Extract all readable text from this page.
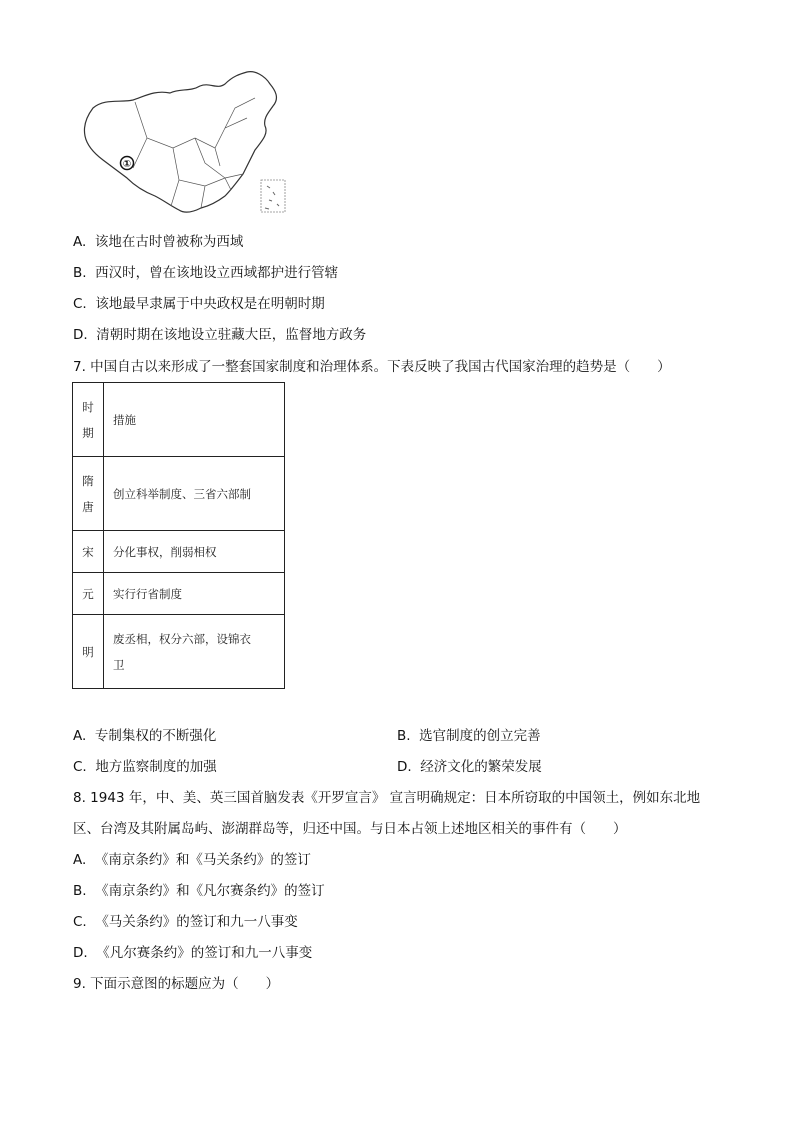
①
A. 该地在古时曾被称为西域
B. 西汉时，曾在该地设立西域都护进行管辖
C. 该地最早隶属于中央政权是在明朝时期
D. 清朝时期在该地设立驻藏大臣，监督地方政务
7. 中国自古以来形成了一整套国家制度和治理体系。下表反映了我国古代国家治理的趋势是（　　）
时
期	措施

隋
唐	创立科举制度、三省六部制
宋	分化事权，削弱相权
元	实行行省制度
明	废丞相，权分六部，设锦衣
卫
A. 专制集权的不断强化	B. 选官制度的创立完善
C. 地方监察制度的加强	D. 经济文化的繁荣发展
8. 1943 年，中、美、英三国首脑发表《开罗宣言》 宣言明确规定：日本所窃取的中国领土，例如东北地
区、台湾及其附属岛屿、澎湖群岛等，归还中国。与日本占领上述地区相关的事件有（　　）
A. 《南京条约》和《马关条约》的签订
B. 《南京条约》和《凡尔赛条约》的签订
C. 《马关条约》的签订和九一八事变
D. 《凡尔赛条约》的签订和九一八事变
9. 下面示意图的标题应为（　　）
